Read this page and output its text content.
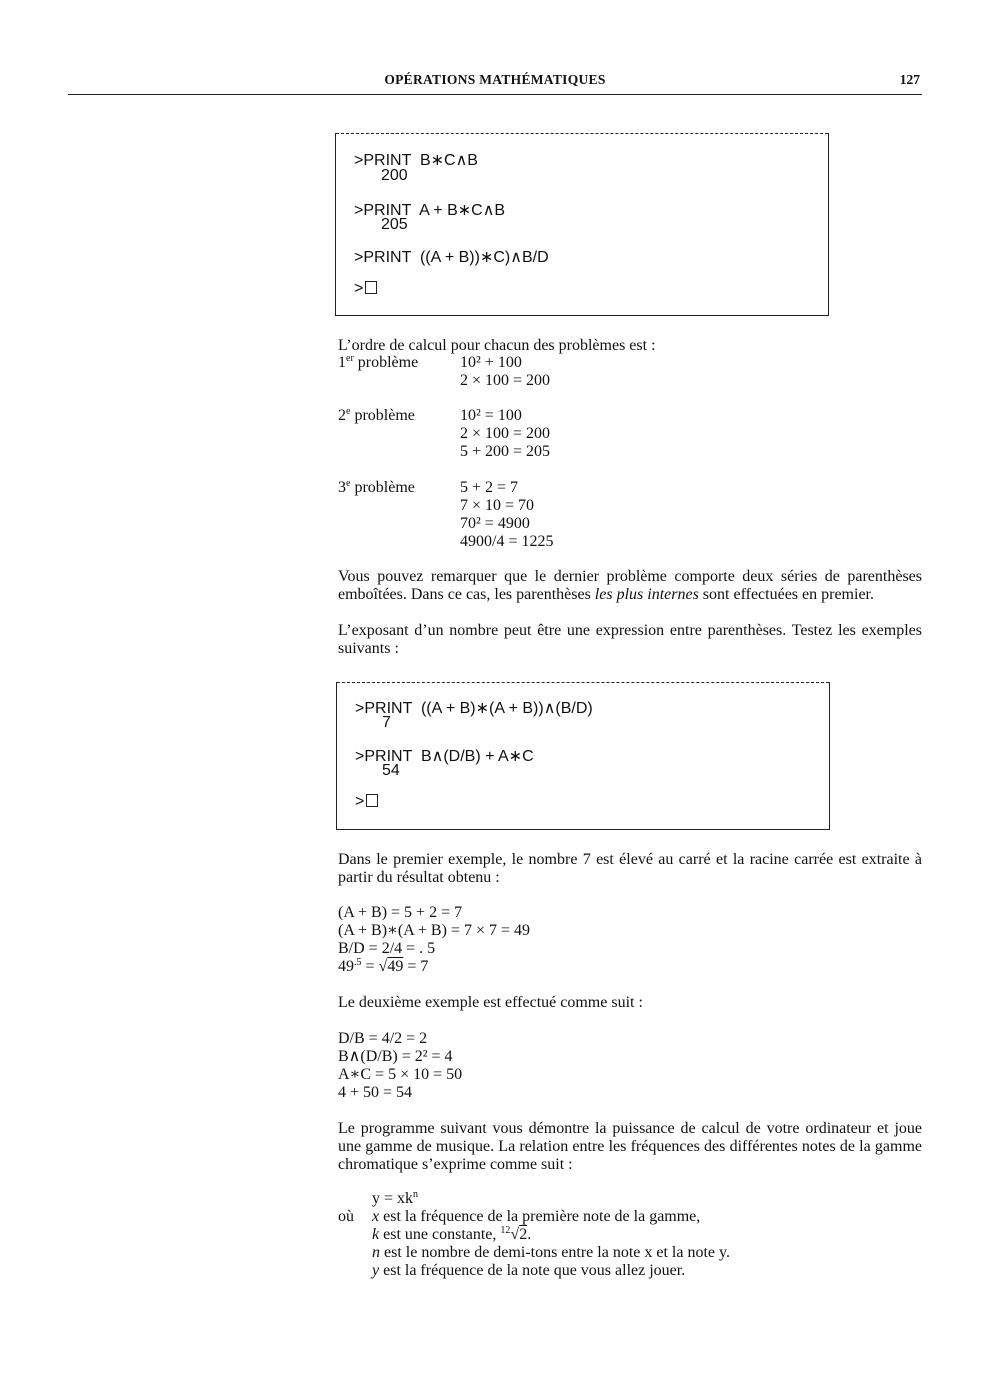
OPÉRATIONS MATHÉMATIQUES	127
>PRINT  B∗C∧B
200
>PRINT  A + B∗C∧B
205
>PRINT  ((A + B))∗C)∧B/D
>
L’ordre de calcul pour chacun des problèmes est :
1er problème	10² + 100
2 × 100 = 200
2e problème	10² = 100
2 × 100 = 200
5 + 200 = 205
3e problème	5 + 2 = 7
7 × 10 = 70
70² = 4900
4900/4 = 1225
Vous pouvez remarquer que le dernier problème comporte deux séries de parenthèses emboîtées. Dans ce cas, les parenthèses les plus internes sont effectuées en premier.
L’exposant d’un nombre peut être une expression entre parenthèses. Testez les exemples suivants :
>PRINT  ((A + B)∗(A + B))∧(B/D)
7
>PRINT  B∧(D/B) + A∗C
54
>
Dans le premier exemple, le nombre 7 est élevé au carré et la racine carrée est extraite à partir du résultat obtenu :
(A + B) = 5 + 2 = 7
(A + B)∗(A + B) = 7 × 7 = 49
B/D = 2/4 = . 5
$49^{.5} = √49 = 7$
Le deuxième exemple est effectué comme suit :
D/B = 4/2 = 2
B∧(D/B) = 2² = 4
A∗C = 5 × 10 = 50
4 + 50 = 54
Le programme suivant vous démontre la puissance de calcul de votre ordinateur et joue une gamme de musique. La relation entre les fréquences des différentes notes de la gamme chromatique s’exprime comme suit :
$y = xk^n$
où x est la fréquence de la première note de la gamme,
k est une constante, $^{12}$√2.
n est le nombre de demi-tons entre la note x et la note y.
y est la fréquence de la note que vous allez jouer.
